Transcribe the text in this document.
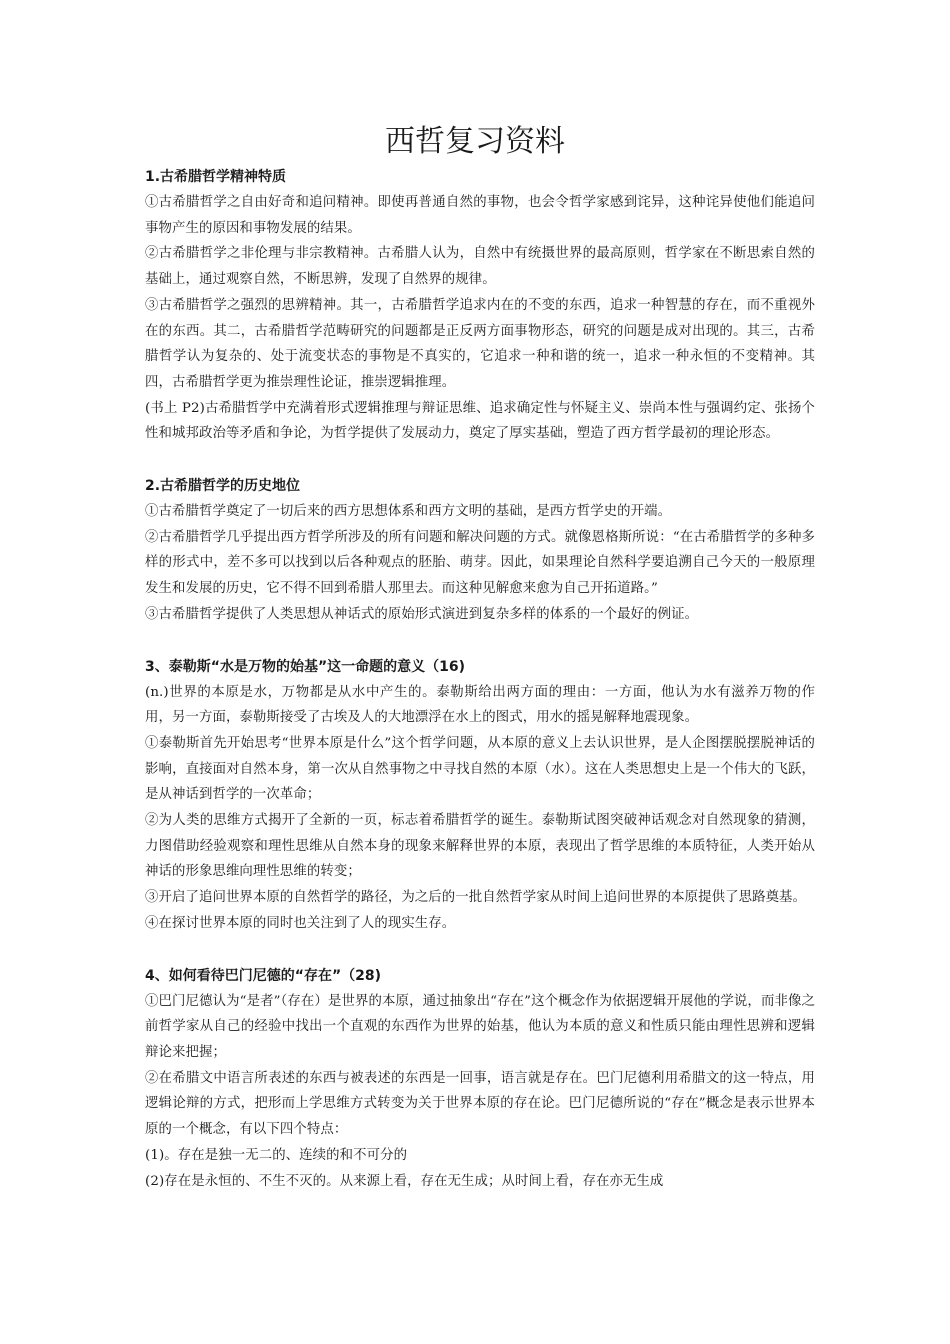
西哲复习资料

1.古希腊哲学精神特质

①古希腊哲学之自由好奇和追问精神。即使再普通自然的事物，也会令哲学家感到诧异，这种诧异使他们能追问事物产生的原因和事物发展的结果。

②古希腊哲学之非伦理与非宗教精神。古希腊人认为，自然中有统摄世界的最高原则，哲学家在不断思索自然的基础上，通过观察自然，不断思辨，发现了自然界的规律。

③古希腊哲学之强烈的思辨精神。其一，古希腊哲学追求内在的不变的东西，追求一种智慧的存在，而不重视外在的东西。其二，古希腊哲学范畴研究的问题都是正反两方面事物形态，研究的问题是成对出现的。其三，古希腊哲学认为复杂的、处于流变状态的事物是不真实的，它追求一种和谐的统一，追求一种永恒的不变精神。其四，古希腊哲学更为推崇理性论证，推崇逻辑推理。

(书上 P2)古希腊哲学中充满着形式逻辑推理与辩证思维、追求确定性与怀疑主义、崇尚本性与强调约定、张扬个性和城邦政治等矛盾和争论，为哲学提供了发展动力，奠定了厚实基础，塑造了西方哲学最初的理论形态。

2.古希腊哲学的历史地位

①古希腊哲学奠定了一切后来的西方思想体系和西方文明的基础，是西方哲学史的开端。

②古希腊哲学几乎提出西方哲学所涉及的所有问题和解决问题的方式。就像恩格斯所说：“在古希腊哲学的多种多样的形式中，差不多可以找到以后各种观点的胚胎、萌芽。因此，如果理论自然科学要追溯自己今天的一般原理发生和发展的历史，它不得不回到希腊人那里去。而这种见解愈来愈为自己开拓道路。”

③古希腊哲学提供了人类思想从神话式的原始形式演进到复杂多样的体系的一个最好的例证。

3、泰勒斯“水是万物的始基”这一命题的意义（16)

(n.)世界的本原是水，万物都是从水中产生的。泰勒斯给出两方面的理由：一方面，他认为水有滋养万物的作用，另一方面，泰勒斯接受了古埃及人的大地漂浮在水上的图式，用水的摇晃解释地震现象。

①泰勒斯首先开始思考“世界本原是什么”这个哲学问题，从本原的意义上去认识世界，是人企图摆脱摆脱神话的影响，直接面对自然本身，第一次从自然事物之中寻找自然的本原（水）。这在人类思想史上是一个伟大的飞跃，是从神话到哲学的一次革命；

②为人类的思维方式揭开了全新的一页，标志着希腊哲学的诞生。泰勒斯试图突破神话观念对自然现象的猜测，力图借助经验观察和理性思维从自然本身的现象来解释世界的本原，表现出了哲学思维的本质特征，人类开始从神话的形象思维向理性思维的转变；

③开启了追问世界本原的自然哲学的路径，为之后的一批自然哲学家从时间上追问世界的本原提供了思路奠基。

④在探讨世界本原的同时也关注到了人的现实生存。

4、如何看待巴门尼德的“存在”（28)

①巴门尼德认为“是者”（存在）是世界的本原，通过抽象出“存在”这个概念作为依据逻辑开展他的学说，而非像之前哲学家从自己的经验中找出一个直观的东西作为世界的始基，他认为本质的意义和性质只能由理性思辨和逻辑辩论来把握；

②在希腊文中语言所表述的东西与被表述的东西是一回事，语言就是存在。巴门尼德利用希腊文的这一特点，用逻辑论辩的方式，把形而上学思维方式转变为关于世界本原的存在论。巴门尼德所说的“存在”概念是表示世界本原的一个概念，有以下四个特点：

(1)。存在是独一无二的、连续的和不可分的

(2)存在是永恒的、不生不灭的。从来源上看，存在无生成；从时间上看，存在亦无生成
